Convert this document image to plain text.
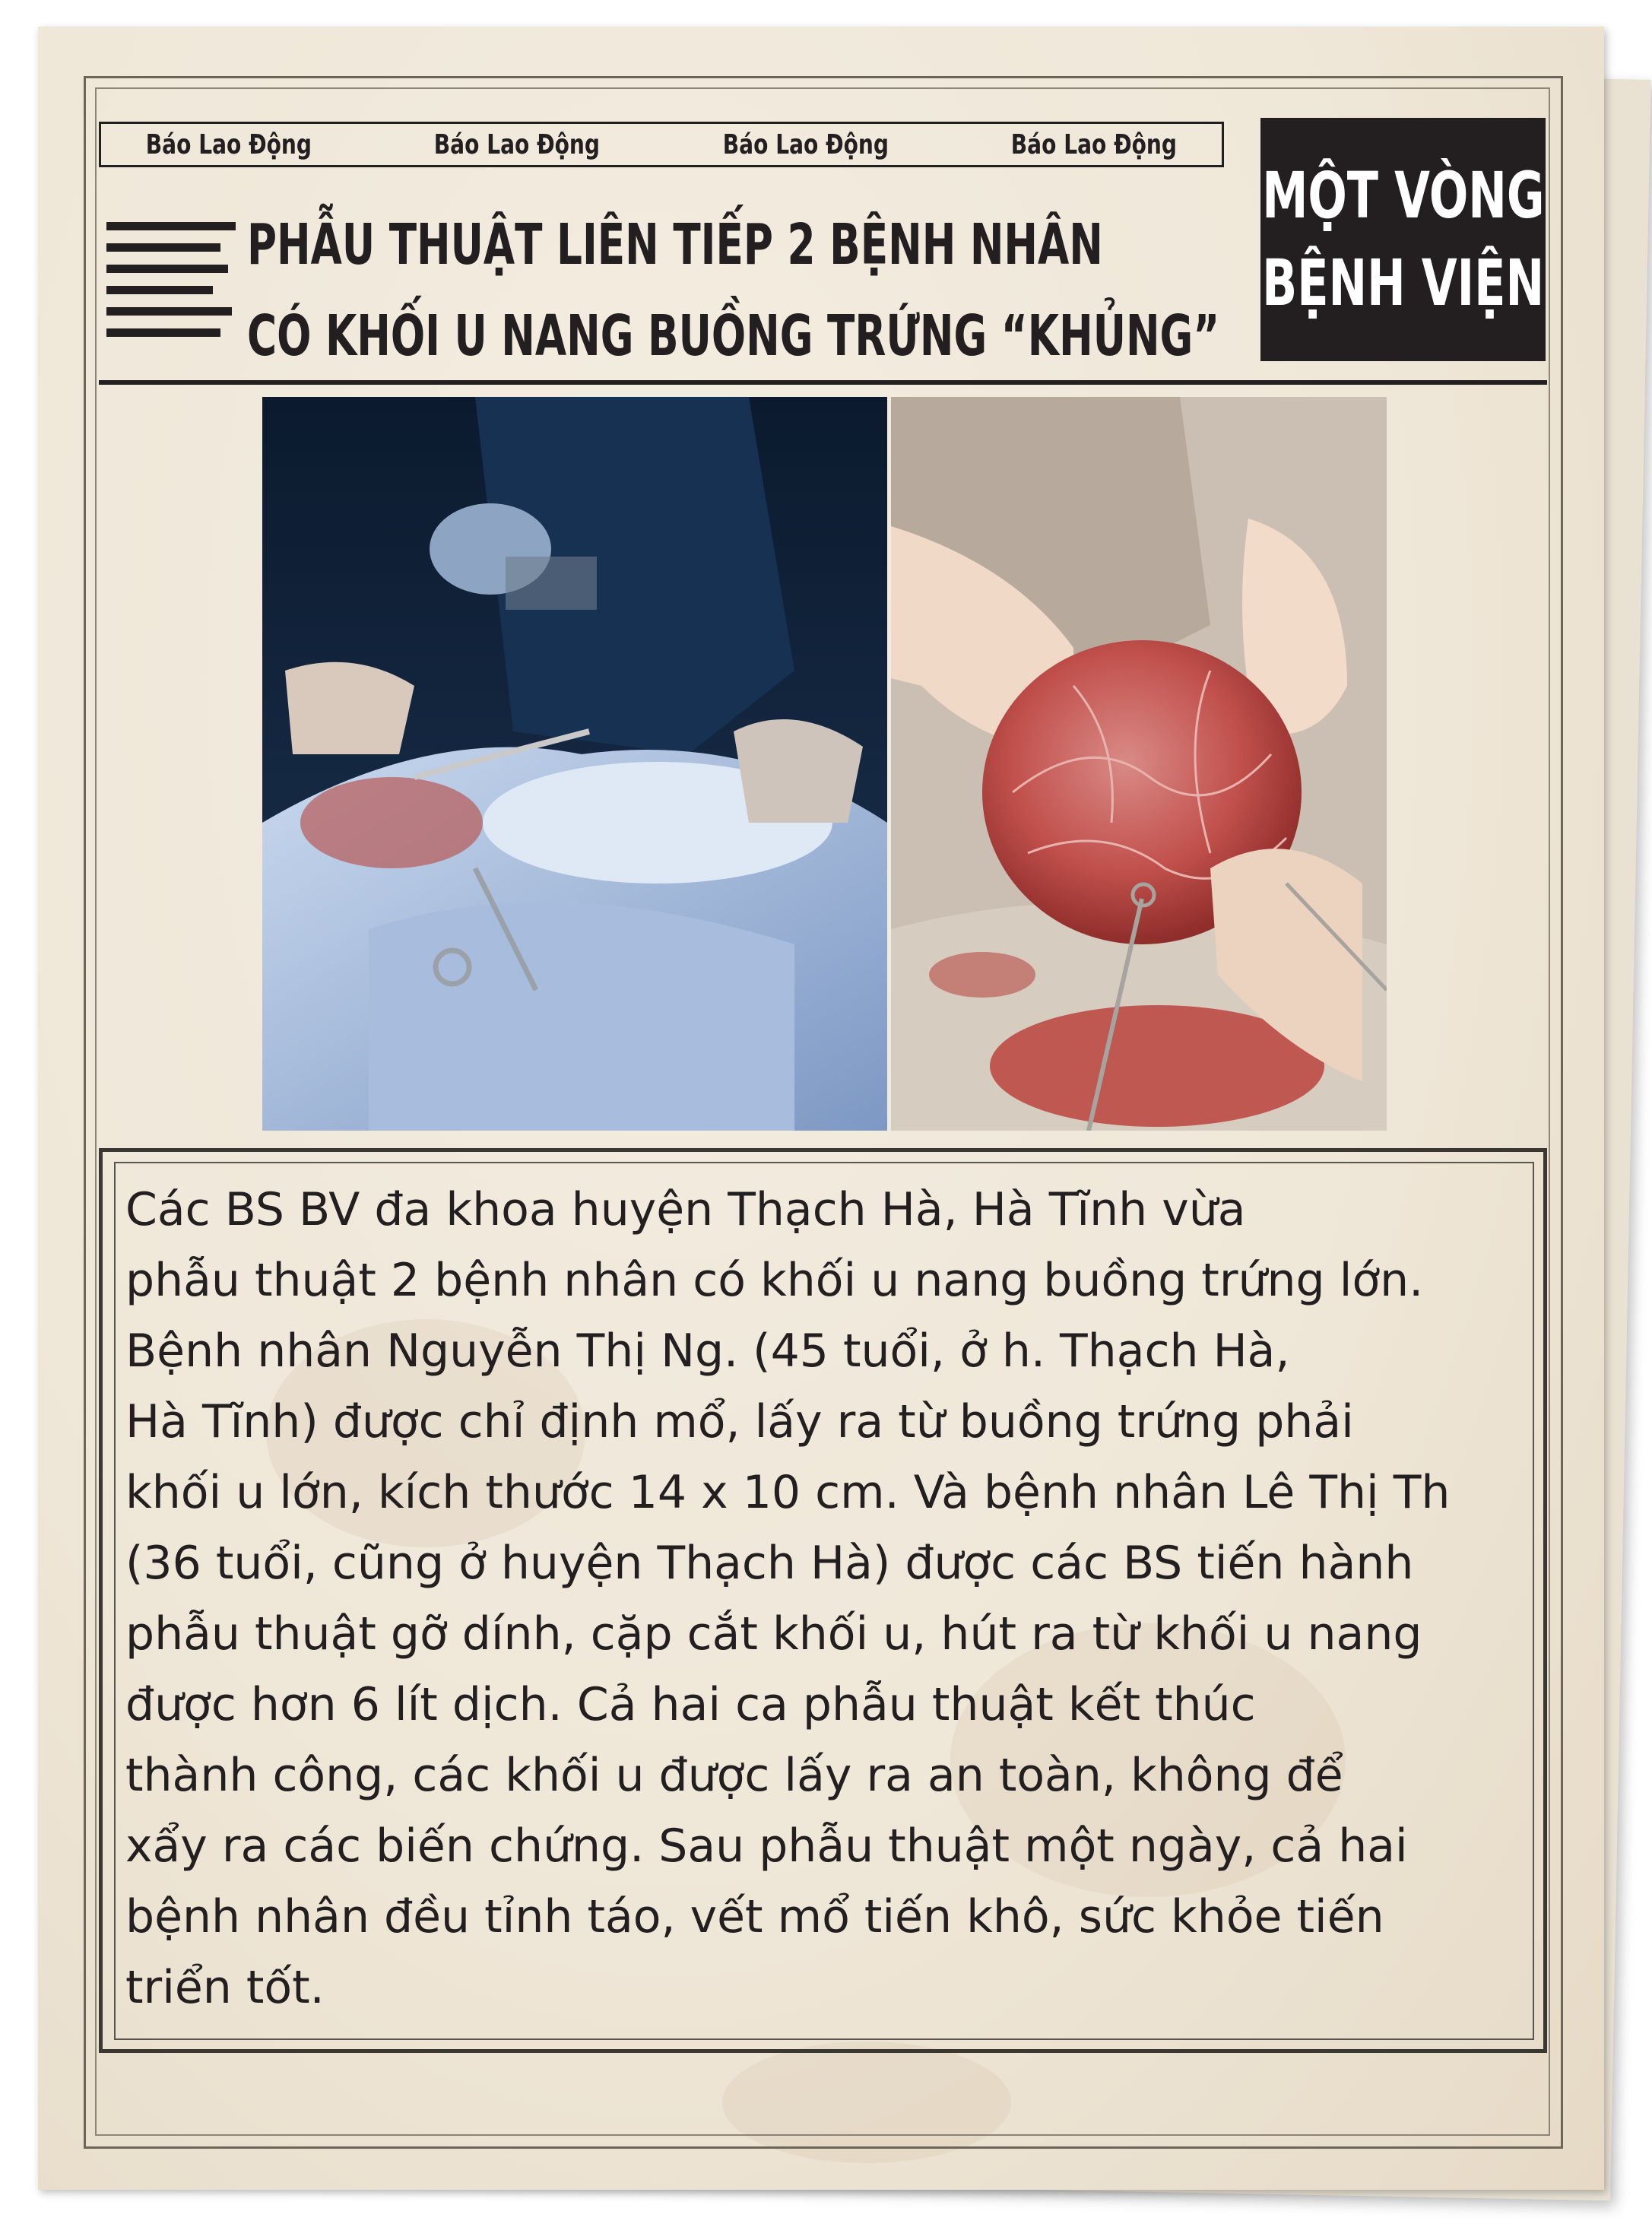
Báo Lao Động	Báo Lao Động	Báo Lao Động	Báo Lao Động
PHẪU THUẬT LIÊN TIẾP 2 BỆNH NHÂN
CÓ KHỐI U NANG BUỒNG TRỨNG “KHỦNG”
MỘT VÒNG
BỆNH VIỆN
Các BS BV đa khoa huyện Thạch Hà, Hà Tĩnh vừa
phẫu thuật 2 bệnh nhân có khối u nang buồng trứng lớn.
Bệnh nhân Nguyễn Thị Ng. (45 tuổi, ở h. Thạch Hà,
Hà Tĩnh) được chỉ định mổ, lấy ra từ buồng trứng phải
khối u lớn, kích thước 14 x 10 cm. Và bệnh nhân Lê Thị Th
(36 tuổi, cũng ở huyện Thạch Hà) được các BS tiến hành
phẫu thuật gỡ dính, cặp cắt khối u, hút ra từ khối u nang
được hơn 6 lít dịch. Cả hai ca phẫu thuật kết thúc
thành công, các khối u được lấy ra an toàn, không để
xẩy ra các biến chứng. Sau phẫu thuật một ngày, cả hai
bệnh nhân đều tỉnh táo, vết mổ tiến khô, sức khỏe tiến
triển tốt.
